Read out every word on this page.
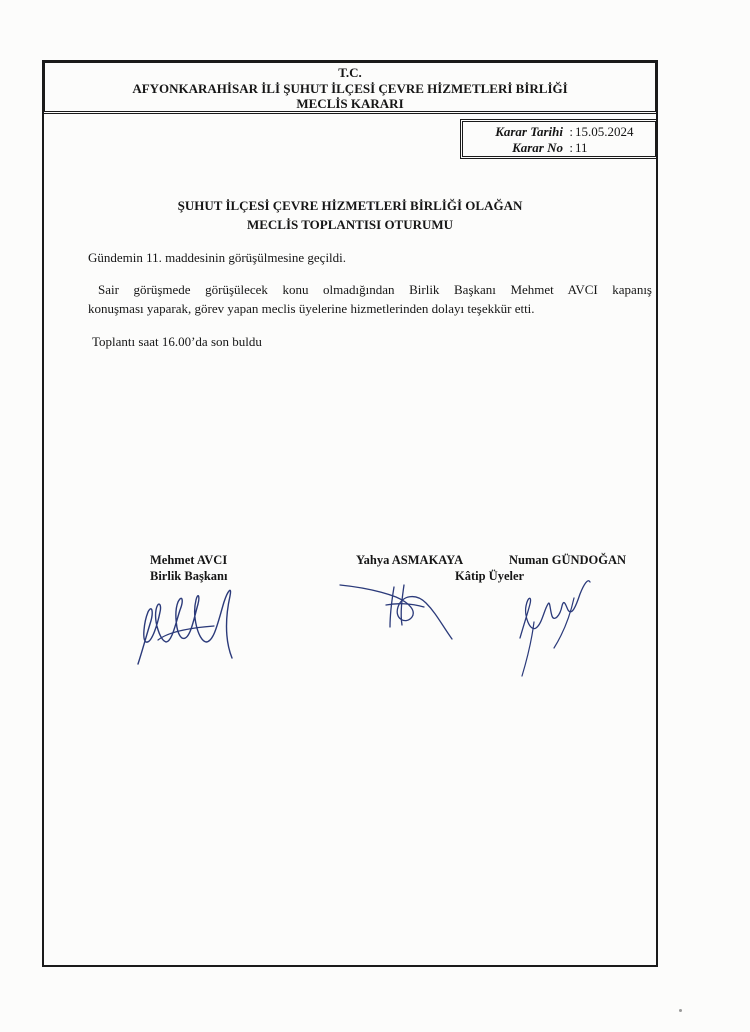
T.C.
AFYONKARAHİSAR İLİ ŞUHUT İLÇESİ ÇEVRE HİZMETLERİ BİRLİĞİ
MECLİS KARARI
Karar Tarihi : 15.05.2024
Karar No : 11
ŞUHUT İLÇESİ ÇEVRE HİZMETLERİ BİRLİĞİ OLAĞAN
MECLİS TOPLANTISI OTURUMU
Gündemin 11. maddesinin görüşülmesine geçildi.
Sair görüşmede görüşülecek konu olmadığından Birlik Başkanı Mehmet AVCI kapanış
konuşması yaparak, görev yapan meclis üyelerine hizmetlerinden dolayı teşekkür etti.
Toplantı saat 16.00’da son buldu
Mehmet AVCI
Birlik Başkanı
Yahya ASMAKAYA	Numan GÜNDOĞAN
Kâtip Üyeler
